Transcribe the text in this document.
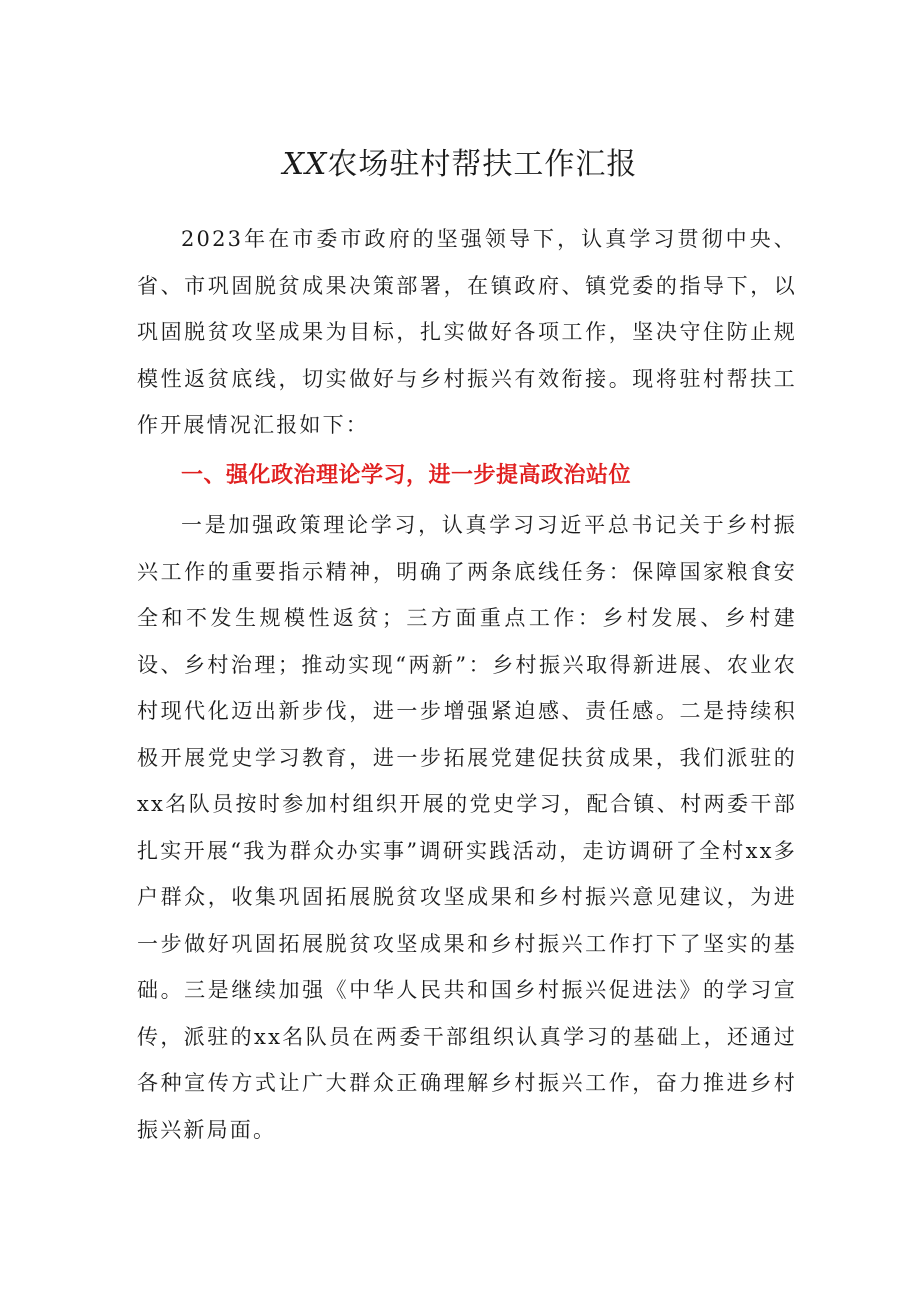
XX农场驻村帮扶工作汇报

2023年在市委市政府的坚强领导下，认真学习贯彻中央、省、市巩固脱贫成果决策部署，在镇政府、镇党委的指导下，以巩固脱贫攻坚成果为目标，扎实做好各项工作，坚决守住防止规模性返贫底线，切实做好与乡村振兴有效衔接。现将驻村帮扶工作开展情况汇报如下：

一、强化政治理论学习，进一步提高政治站位

一是加强政策理论学习，认真学习习近平总书记关于乡村振兴工作的重要指示精神，明确了两条底线任务：保障国家粮食安全和不发生规模性返贫；三方面重点工作：乡村发展、乡村建设、乡村治理；推动实现“两新”：乡村振兴取得新进展、农业农村现代化迈出新步伐，进一步增强紧迫感、责任感。二是持续积极开展党史学习教育，进一步拓展党建促扶贫成果，我们派驻的xx名队员按时参加村组织开展的党史学习，配合镇、村两委干部扎实开展“我为群众办实事”调研实践活动，走访调研了全村xx多户群众，收集巩固拓展脱贫攻坚成果和乡村振兴意见建议，为进一步做好巩固拓展脱贫攻坚成果和乡村振兴工作打下了坚实的基础。三是继续加强《中华人民共和国乡村振兴促进法》的学习宣传，派驻的xx名队员在两委干部组织认真学习的基础上，还通过各种宣传方式让广大群众正确理解乡村振兴工作，奋力推进乡村振兴新局面。
